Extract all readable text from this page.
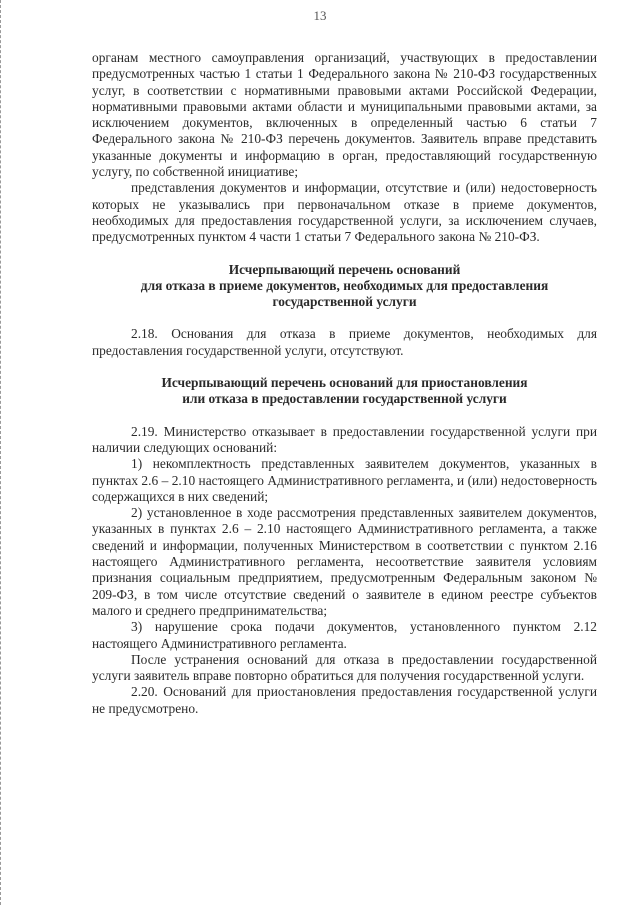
13

органам местного самоуправления организаций, участвующих в предоставлении предусмотренных частью 1 статьи 1 Федерального закона № 210-ФЗ государственных услуг, в соответствии с нормативными правовыми актами Российской Федерации, нормативными правовыми актами области и муниципальными правовыми актами, за исключением документов, включенных в определенный частью 6 статьи 7 Федерального закона № 210-ФЗ перечень документов. Заявитель вправе представить указанные документы и информацию в орган, предоставляющий государственную услугу, по собственной инициативе;

представления документов и информации, отсутствие и (или) недостоверность которых не указывались при первоначальном отказе в приеме документов, необходимых для предоставления государственной услуги, за исключением случаев, предусмотренных пунктом 4 части 1 статьи 7 Федерального закона № 210-ФЗ.

Исчерпывающий перечень оснований
для отказа в приеме документов, необходимых для предоставления
государственной услуги

2.18. Основания для отказа в приеме документов, необходимых для предоставления государственной услуги, отсутствуют.

Исчерпывающий перечень оснований для приостановления
или отказа в предоставлении государственной услуги

2.19. Министерство отказывает в предоставлении государственной услуги при наличии следующих оснований:

1) некомплектность представленных заявителем документов, указанных в пунктах 2.6 – 2.10 настоящего Административного регламента, и (или) недостоверность содержащихся в них сведений;

2) установленное в ходе рассмотрения представленных заявителем документов, указанных в пунктах 2.6 – 2.10 настоящего Административного регламента, а также сведений и информации, полученных Министерством в соответствии с пунктом 2.16 настоящего Административного регламента, несоответствие заявителя условиям признания социальным предприятием, предусмотренным Федеральным законом № 209-ФЗ, в том числе отсутствие сведений о заявителе в едином реестре субъектов малого и среднего предпринимательства;

3) нарушение срока подачи документов, установленного пунктом 2.12 настоящего Административного регламента.

После устранения оснований для отказа в предоставлении государственной услуги заявитель вправе повторно обратиться для получения государственной услуги.

2.20. Оснований для приостановления предоставления государственной услуги не предусмотрено.
